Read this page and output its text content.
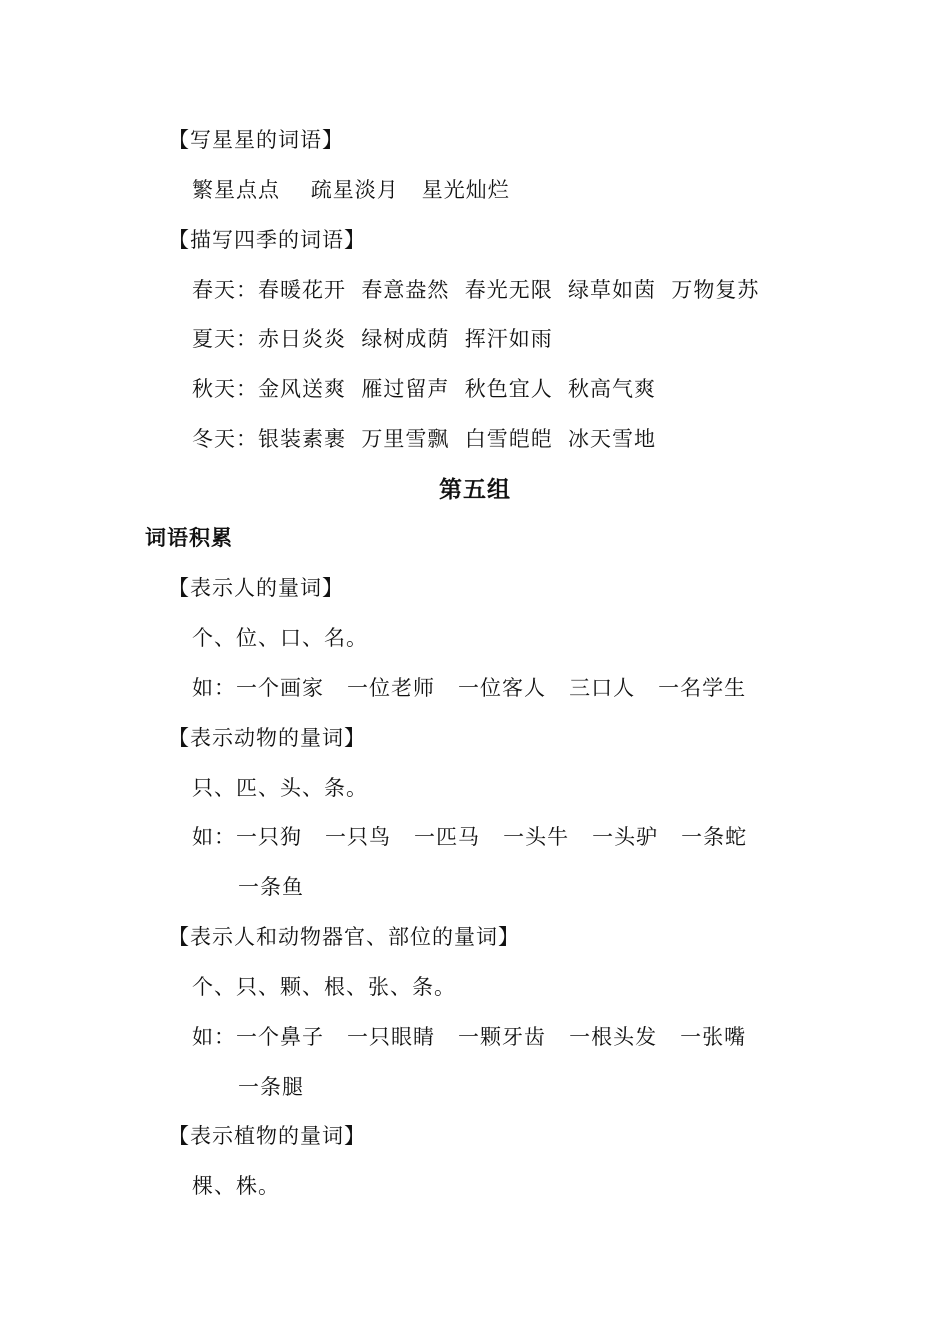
【写星星的词语】
繁星点点    疏星淡月   星光灿烂
【描写四季的词语】
春天：春暖花开  春意盎然  春光无限  绿草如茵  万物复苏
夏天：赤日炎炎  绿树成荫  挥汗如雨
秋天：金风送爽  雁过留声  秋色宜人  秋高气爽
冬天：银装素裹  万里雪飘  白雪皑皑  冰天雪地
第五组
词语积累
【表示人的量词】
个、位、口、名。
如：一个画家   一位老师   一位客人   三口人   一名学生
【表示动物的量词】
只、匹、头、条。
如：一只狗   一只鸟   一匹马   一头牛   一头驴   一条蛇
一条鱼
【表示人和动物器官、部位的量词】
个、只、颗、根、张、条。
如：一个鼻子   一只眼睛   一颗牙齿   一根头发   一张嘴
一条腿
【表示植物的量词】
棵、株。
